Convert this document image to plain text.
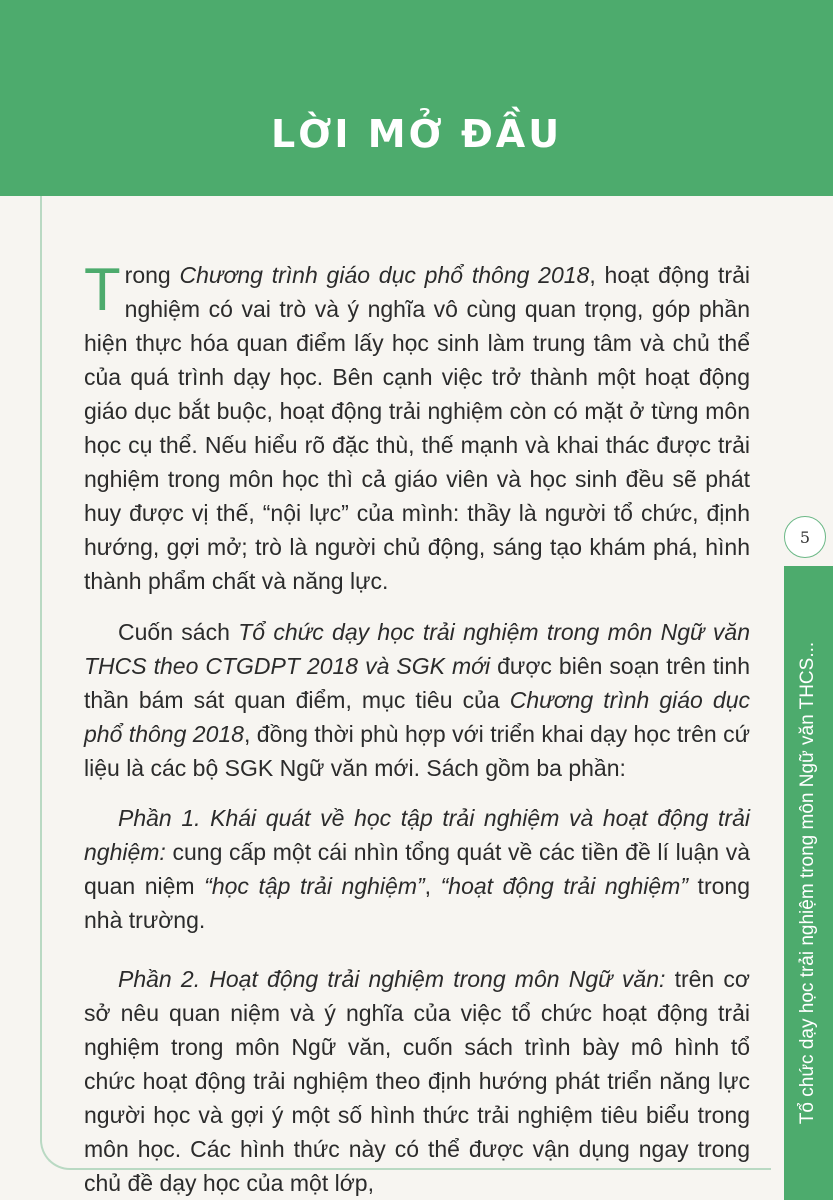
LỜI MỞ ĐẦU

Trong Chương trình giáo dục phổ thông 2018, hoạt động trải nghiệm có vai trò và ý nghĩa vô cùng quan trọng, góp phần hiện thực hóa quan điểm lấy học sinh làm trung tâm và chủ thể của quá trình dạy học. Bên cạnh việc trở thành một hoạt động giáo dục bắt buộc, hoạt động trải nghiệm còn có mặt ở từng môn học cụ thể. Nếu hiểu rõ đặc thù, thế mạnh và khai thác được trải nghiệm trong môn học thì cả giáo viên và học sinh đều sẽ phát huy được vị thế, “nội lực” của mình: thầy là người tổ chức, định hướng, gợi mở; trò là người chủ động, sáng tạo khám phá, hình thành phẩm chất và năng lực.

Cuốn sách Tổ chức dạy học trải nghiệm trong môn Ngữ văn THCS theo CTGDPT 2018 và SGK mới được biên soạn trên tinh thần bám sát quan điểm, mục tiêu của Chương trình giáo dục phổ thông 2018, đồng thời phù hợp với triển khai dạy học trên cứ liệu là các bộ SGK Ngữ văn mới. Sách gồm ba phần:

Phần 1. Khái quát về học tập trải nghiệm và hoạt động trải nghiệm: cung cấp một cái nhìn tổng quát về các tiền đề lí luận và quan niệm “học tập trải nghiệm”, “hoạt động trải nghiệm” trong nhà trường.

Phần 2. Hoạt động trải nghiệm trong môn Ngữ văn: trên cơ sở nêu quan niệm và ý nghĩa của việc tổ chức hoạt động trải nghiệm trong môn Ngữ văn, cuốn sách trình bày mô hình tổ chức hoạt động trải nghiệm theo định hướng phát triển năng lực người học và gợi ý một số hình thức trải nghiệm tiêu biểu trong môn học. Các hình thức này có thể được vận dụng ngay trong chủ đề dạy học của một lớp,

5
Tổ chức dạy học trải nghiệm trong môn Ngữ văn THCS...
